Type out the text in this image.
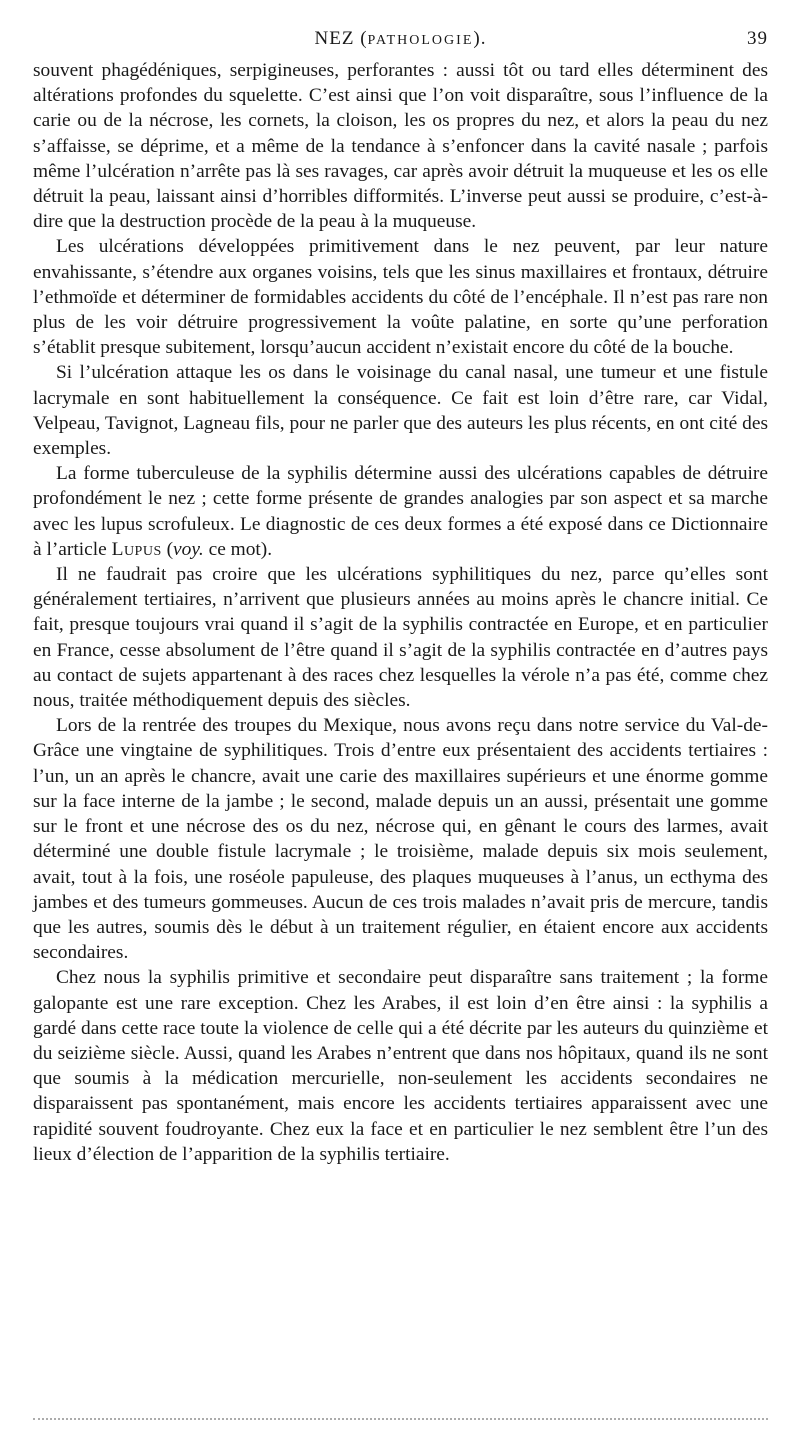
NEZ (PATHOLOGIE).	39

souvent phagédéniques, serpigineuses, perforantes : aussi tôt ou tard elles déterminent des altérations profondes du squelette. C’est ainsi que l’on voit disparaître, sous l’influence de la carie ou de la nécrose, les cornets, la cloison, les os propres du nez, et alors la peau du nez s’affaisse, se déprime, et a même de la tendance à s’enfoncer dans la cavité nasale ; parfois même l’ulcération n’arrête pas là ses ravages, car après avoir détruit la muqueuse et les os elle détruit la peau, laissant ainsi d’horribles difformités. L’inverse peut aussi se produire, c’est-à-dire que la destruction procède de la peau à la muqueuse.

Les ulcérations développées primitivement dans le nez peuvent, par leur nature envahissante, s’étendre aux organes voisins, tels que les sinus maxillaires et frontaux, détruire l’ethmoïde et déterminer de formidables accidents du côté de l’encéphale. Il n’est pas rare non plus de les voir détruire progressivement la voûte palatine, en sorte qu’une perforation s’établit presque subitement, lorsqu’aucun accident n’existait encore du côté de la bouche.

Si l’ulcération attaque les os dans le voisinage du canal nasal, une tumeur et une fistule lacrymale en sont habituellement la conséquence. Ce fait est loin d’être rare, car Vidal, Velpeau, Tavignot, Lagneau fils, pour ne parler que des auteurs les plus récents, en ont cité des exemples.

La forme tuberculeuse de la syphilis détermine aussi des ulcérations capables de détruire profondément le nez ; cette forme présente de grandes analogies par son aspect et sa marche avec les lupus scrofuleux. Le diagnostic de ces deux formes a été exposé dans ce Dictionnaire à l’article Lupus (voy. ce mot).

Il ne faudrait pas croire que les ulcérations syphilitiques du nez, parce qu’elles sont généralement tertiaires, n’arrivent que plusieurs années au moins après le chancre initial. Ce fait, presque toujours vrai quand il s’agit de la syphilis contractée en Europe, et en particulier en France, cesse absolument de l’être quand il s’agit de la syphilis contractée en d’autres pays au contact de sujets appartenant à des races chez lesquelles la vérole n’a pas été, comme chez nous, traitée méthodiquement depuis des siècles.

Lors de la rentrée des troupes du Mexique, nous avons reçu dans notre service du Val-de-Grâce une vingtaine de syphilitiques. Trois d’entre eux présentaient des accidents tertiaires : l’un, un an après le chancre, avait une carie des maxillaires supérieurs et une énorme gomme sur la face interne de la jambe ; le second, malade depuis un an aussi, présentait une gomme sur le front et une nécrose des os du nez, nécrose qui, en gênant le cours des larmes, avait déterminé une double fistule lacrymale ; le troisième, malade depuis six mois seulement, avait, tout à la fois, une roséole papuleuse, des plaques muqueuses à l’anus, un ecthyma des jambes et des tumeurs gommeuses. Aucun de ces trois malades n’avait pris de mercure, tandis que les autres, soumis dès le début à un traitement régulier, en étaient encore aux accidents secondaires.

Chez nous la syphilis primitive et secondaire peut disparaître sans traitement ; la forme galopante est une rare exception. Chez les Arabes, il est loin d’en être ainsi : la syphilis a gardé dans cette race toute la violence de celle qui a été décrite par les auteurs du quinzième et du seizième siècle. Aussi, quand les Arabes n’entrent que dans nos hôpitaux, quand ils ne sont que soumis à la médication mercurielle, non-seulement les accidents secondaires ne disparaissent pas spontanément, mais encore les accidents tertiaires apparaissent avec une rapidité souvent foudroyante. Chez eux la face et en particulier le nez semblent être l’un des lieux d’élection de l’apparition de la syphilis tertiaire.
